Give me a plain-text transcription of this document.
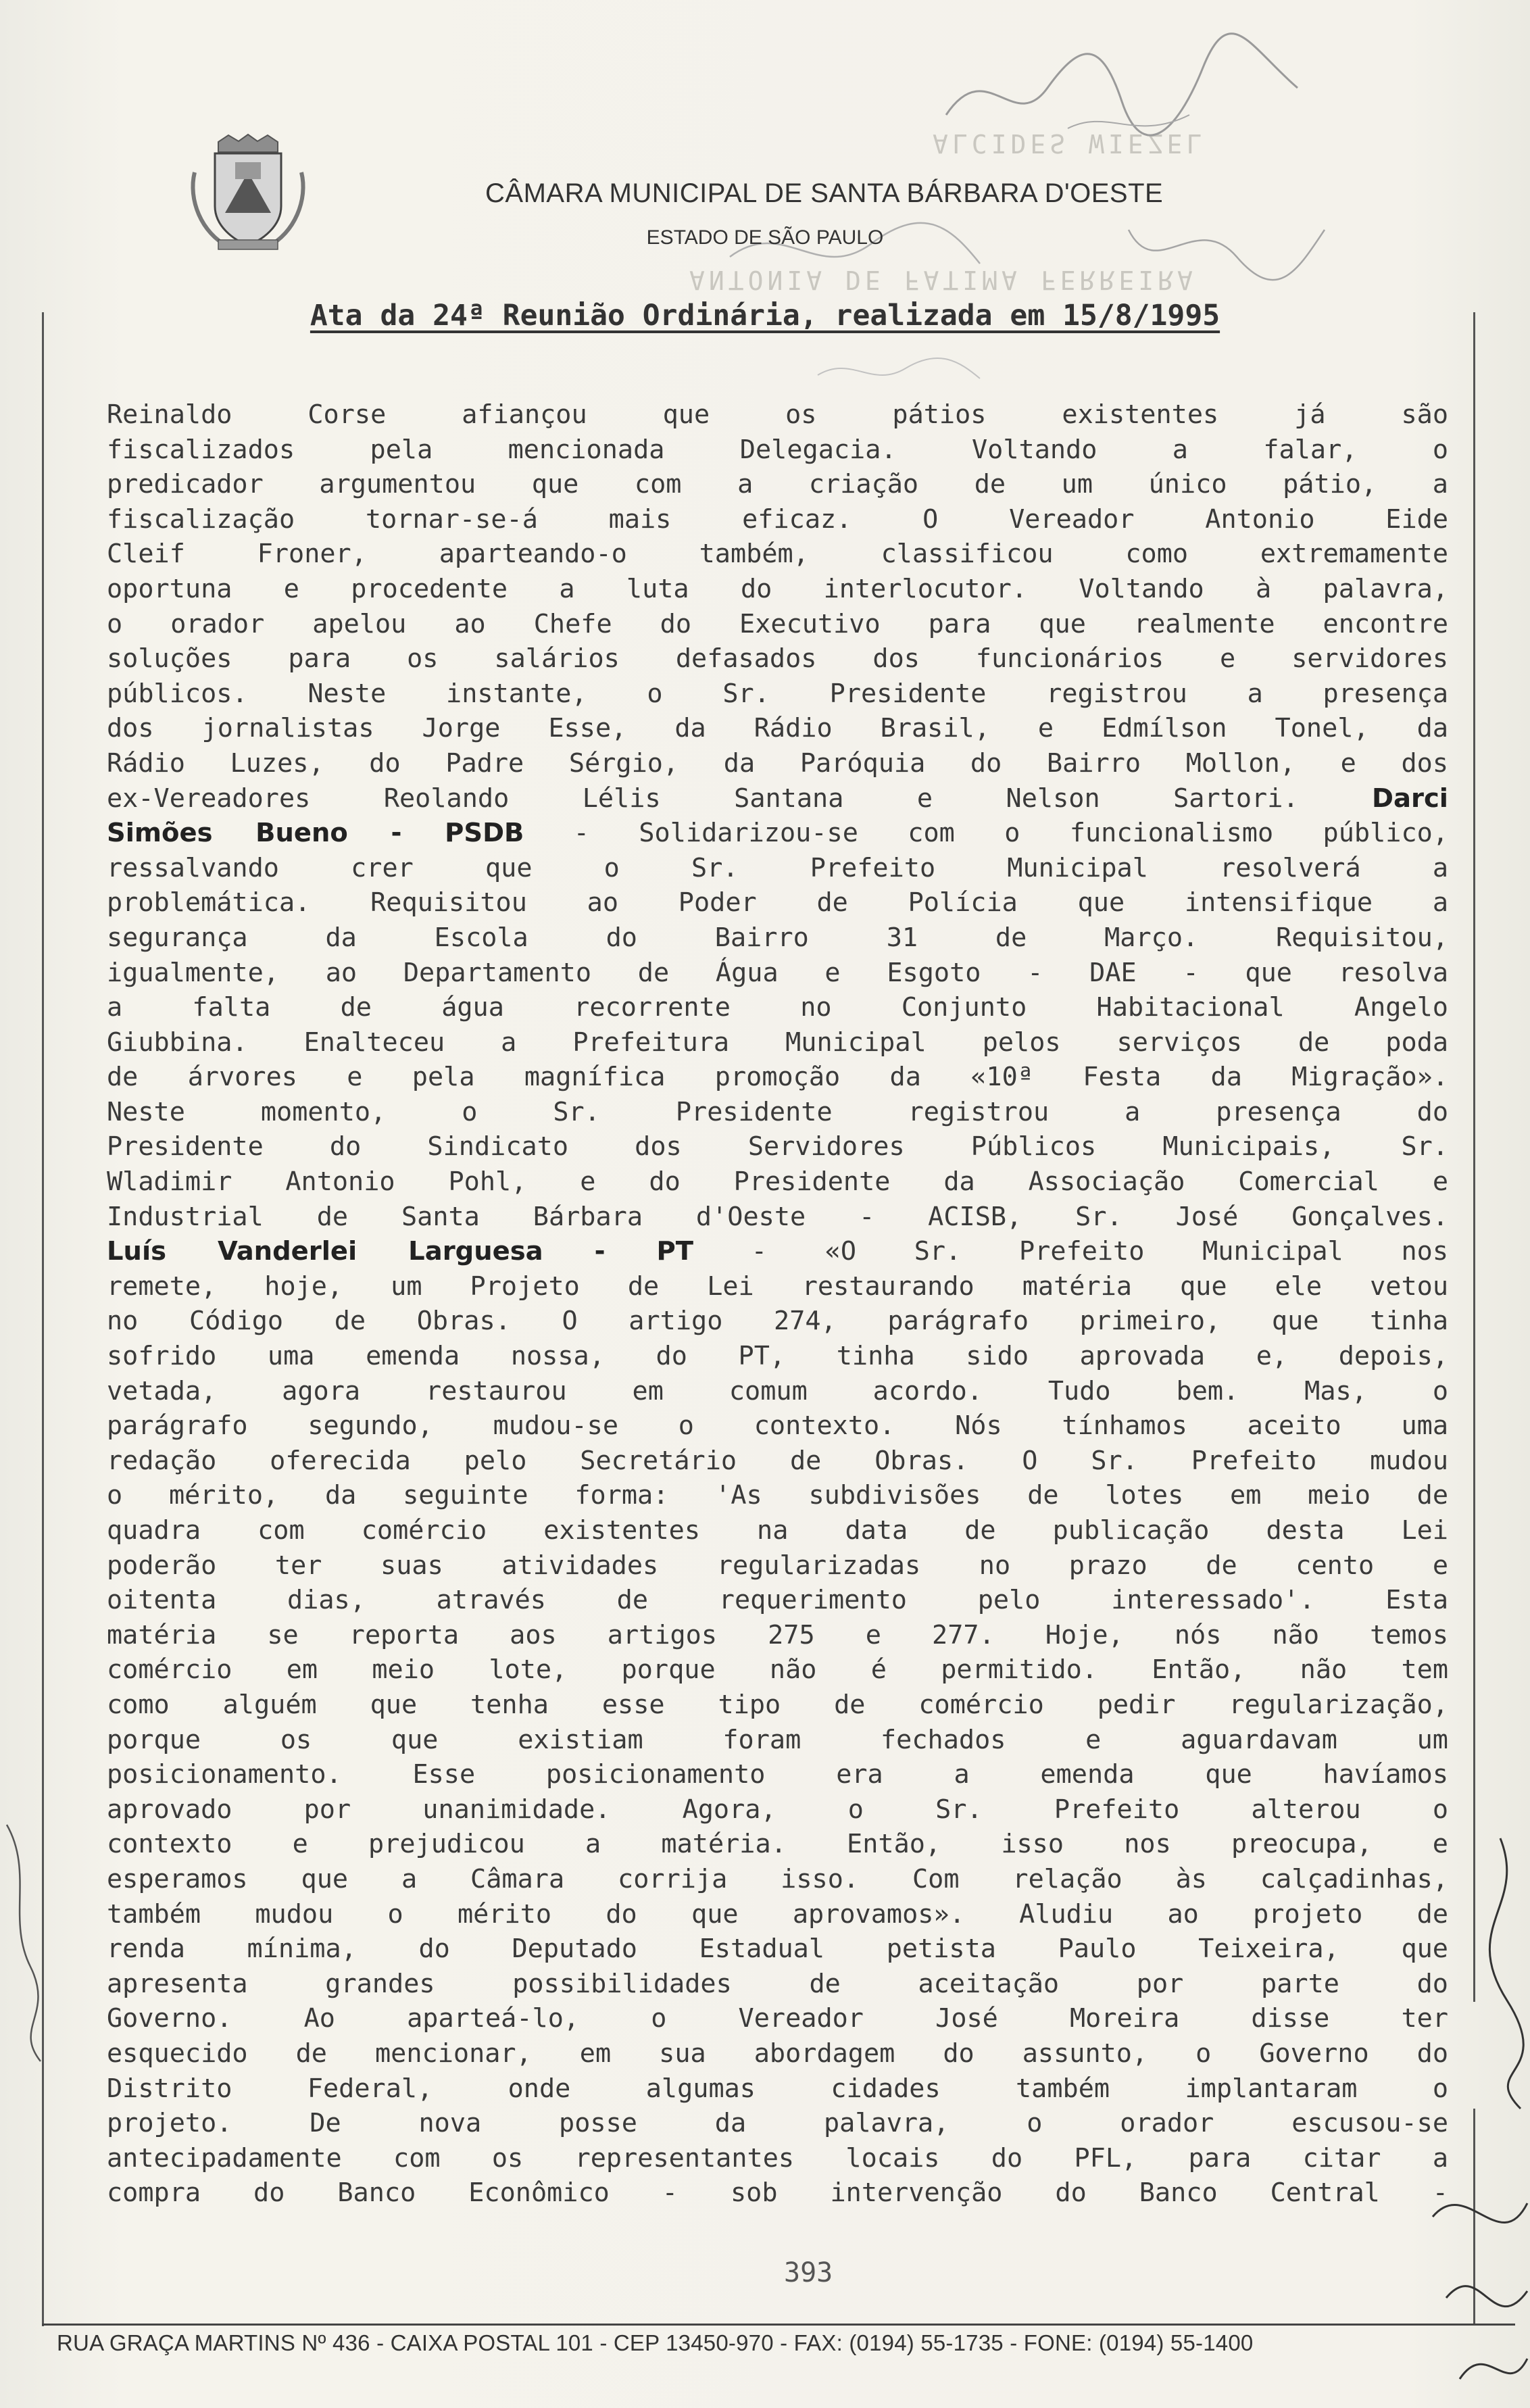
ALCIDES WIEZEL
ANTONIA DE FATIMA FERREIRA
CÂMARA MUNICIPAL DE SANTA BÁRBARA D'OESTE
ESTADO DE SÃO PAULO
Ata da 24ª Reunião Ordinária, realizada em 15/8/1995
Reinaldo Corse afiançou que os pátios existentes já são
fiscalizados pela mencionada Delegacia. Voltando a falar, o
predicador argumentou que com a criação de um único pátio, a
fiscalização tornar-se-á mais eficaz. O Vereador Antonio Eide
Cleif Froner, aparteando-o também, classificou como extremamente
oportuna e procedente a luta do interlocutor. Voltando à palavra,
o orador apelou ao Chefe do Executivo para que realmente encontre
soluções para os salários defasados dos funcionários e servidores
públicos. Neste instante, o Sr. Presidente registrou a presença
dos jornalistas Jorge Esse, da Rádio Brasil, e Edmílson Tonel, da
Rádio Luzes, do Padre Sérgio, da Paróquia do Bairro Mollon, e dos
ex-Vereadores Reolando Lélis Santana e Nelson Sartori. Darci
Simões Bueno - PSDB - Solidarizou-se com o funcionalismo público,
ressalvando crer que o Sr. Prefeito Municipal resolverá a
problemática. Requisitou ao Poder de Polícia que intensifique a
segurança da Escola do Bairro 31 de Março. Requisitou,
igualmente, ao Departamento de Água e Esgoto - DAE - que resolva
a falta de água recorrente no Conjunto Habitacional Angelo
Giubbina. Enalteceu a Prefeitura Municipal pelos serviços de poda
de árvores e pela magnífica promoção da «10ª Festa da Migração».
Neste momento, o Sr. Presidente registrou a presença do
Presidente do Sindicato dos Servidores Públicos Municipais, Sr.
Wladimir Antonio Pohl, e do Presidente da Associação Comercial e
Industrial de Santa Bárbara d'Oeste - ACISB, Sr. José Gonçalves.
Luís Vanderlei Larguesa - PT - «O Sr. Prefeito Municipal nos
remete, hoje, um Projeto de Lei restaurando matéria que ele vetou
no Código de Obras. O artigo 274, parágrafo primeiro, que tinha
sofrido uma emenda nossa, do PT, tinha sido aprovada e, depois,
vetada, agora restaurou em comum acordo. Tudo bem. Mas, o
parágrafo segundo, mudou-se o contexto. Nós tínhamos aceito uma
redação oferecida pelo Secretário de Obras. O Sr. Prefeito mudou
o mérito, da seguinte forma: 'As subdivisões de lotes em meio de
quadra com comércio existentes na data de publicação desta Lei
poderão ter suas atividades regularizadas no prazo de cento e
oitenta dias, através de requerimento pelo interessado'. Esta
matéria se reporta aos artigos 275 e 277. Hoje, nós não temos
comércio em meio lote, porque não é permitido. Então, não tem
como alguém que tenha esse tipo de comércio pedir regularização,
porque os que existiam foram fechados e aguardavam um
posicionamento. Esse posicionamento era a emenda que havíamos
aprovado por unanimidade. Agora, o Sr. Prefeito alterou o
contexto e prejudicou a matéria. Então, isso nos preocupa, e
esperamos que a Câmara corrija isso. Com relação às calçadinhas,
também mudou o mérito do que aprovamos». Aludiu ao projeto de
renda mínima, do Deputado Estadual petista Paulo Teixeira, que
apresenta grandes possibilidades de aceitação por parte do
Governo. Ao aparteá-lo, o Vereador José Moreira disse ter
esquecido de mencionar, em sua abordagem do assunto, o Governo do
Distrito Federal, onde algumas cidades também implantaram o
projeto. De nova posse da palavra, o orador escusou-se
antecipadamente com os representantes locais do PFL, para citar a
compra do Banco Econômico - sob intervenção do Banco Central -
393
RUA GRAÇA MARTINS Nº 436 - CAIXA POSTAL 101 - CEP 13450-970 - FAX: (0194) 55-1735 - FONE: (0194) 55-1400
